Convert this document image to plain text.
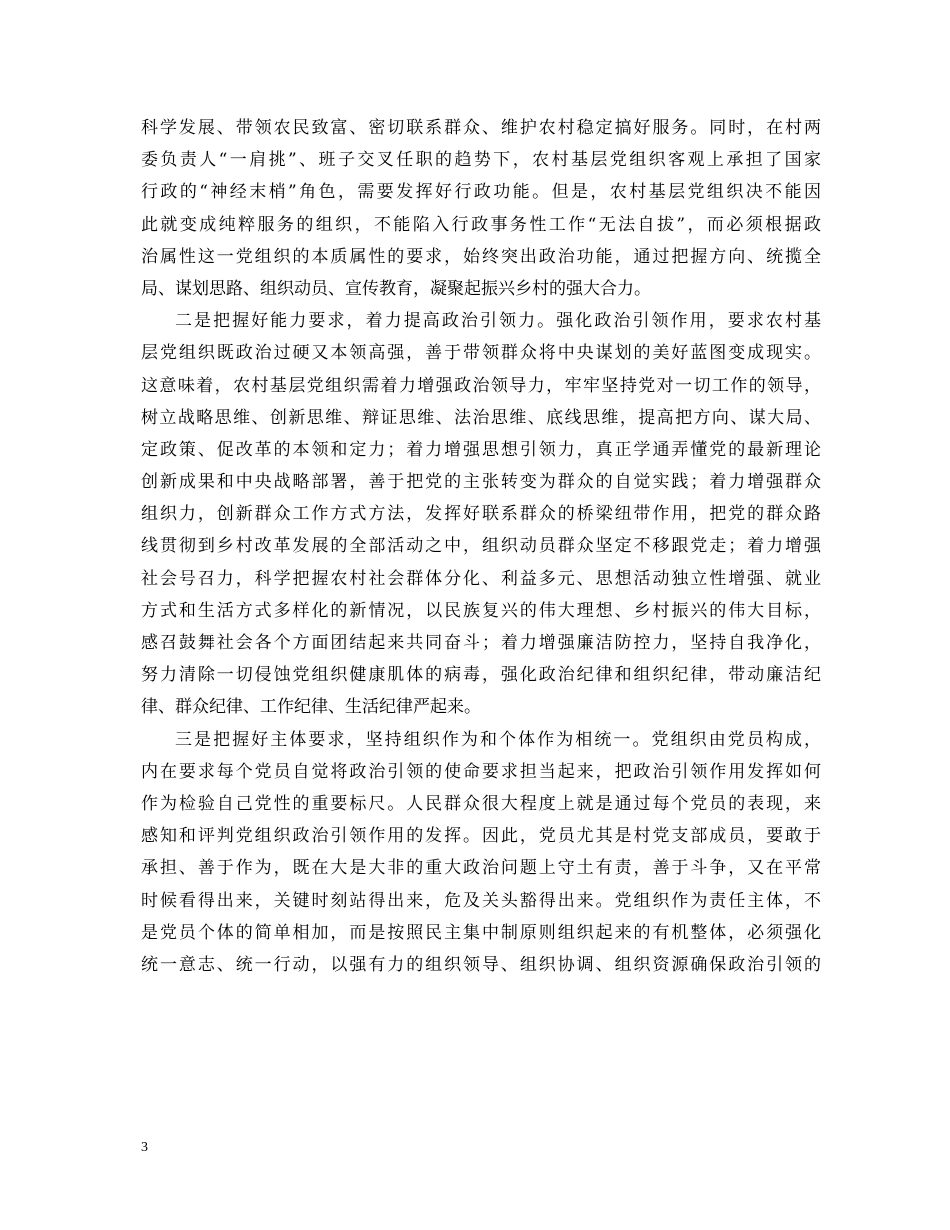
科学发展、带领农民致富、密切联系群众、维护农村稳定搞好服务。同时，在村两
委负责人“一肩挑”、班子交叉任职的趋势下，农村基层党组织客观上承担了国家
行政的“神经末梢”角色，需要发挥好行政功能。但是，农村基层党组织决不能因
此就变成纯粹服务的组织，不能陷入行政事务性工作“无法自拔”，而必须根据政
治属性这一党组织的本质属性的要求，始终突出政治功能，通过把握方向、统揽全
局、谋划思路、组织动员、宣传教育，凝聚起振兴乡村的强大合力。
二是把握好能力要求，着力提高政治引领力。强化政治引领作用，要求农村基
层党组织既政治过硬又本领高强，善于带领群众将中央谋划的美好蓝图变成现实。
这意味着，农村基层党组织需着力增强政治领导力，牢牢坚持党对一切工作的领导，
树立战略思维、创新思维、辩证思维、法治思维、底线思维，提高把方向、谋大局、
定政策、促改革的本领和定力；着力增强思想引领力，真正学通弄懂党的最新理论
创新成果和中央战略部署，善于把党的主张转变为群众的自觉实践；着力增强群众
组织力，创新群众工作方式方法，发挥好联系群众的桥梁纽带作用，把党的群众路
线贯彻到乡村改革发展的全部活动之中，组织动员群众坚定不移跟党走；着力增强
社会号召力，科学把握农村社会群体分化、利益多元、思想活动独立性增强、就业
方式和生活方式多样化的新情况，以民族复兴的伟大理想、乡村振兴的伟大目标，
感召鼓舞社会各个方面团结起来共同奋斗；着力增强廉洁防控力，坚持自我净化，
努力清除一切侵蚀党组织健康肌体的病毒，强化政治纪律和组织纪律，带动廉洁纪
律、群众纪律、工作纪律、生活纪律严起来。
三是把握好主体要求，坚持组织作为和个体作为相统一。党组织由党员构成，
内在要求每个党员自觉将政治引领的使命要求担当起来，把政治引领作用发挥如何
作为检验自己党性的重要标尺。人民群众很大程度上就是通过每个党员的表现，来
感知和评判党组织政治引领作用的发挥。因此，党员尤其是村党支部成员，要敢于
承担、善于作为，既在大是大非的重大政治问题上守土有责，善于斗争，又在平常
时候看得出来，关键时刻站得出来，危及关头豁得出来。党组织作为责任主体，不
是党员个体的简单相加，而是按照民主集中制原则组织起来的有机整体，必须强化
统一意志、统一行动，以强有力的组织领导、组织协调、组织资源确保政治引领的
3
